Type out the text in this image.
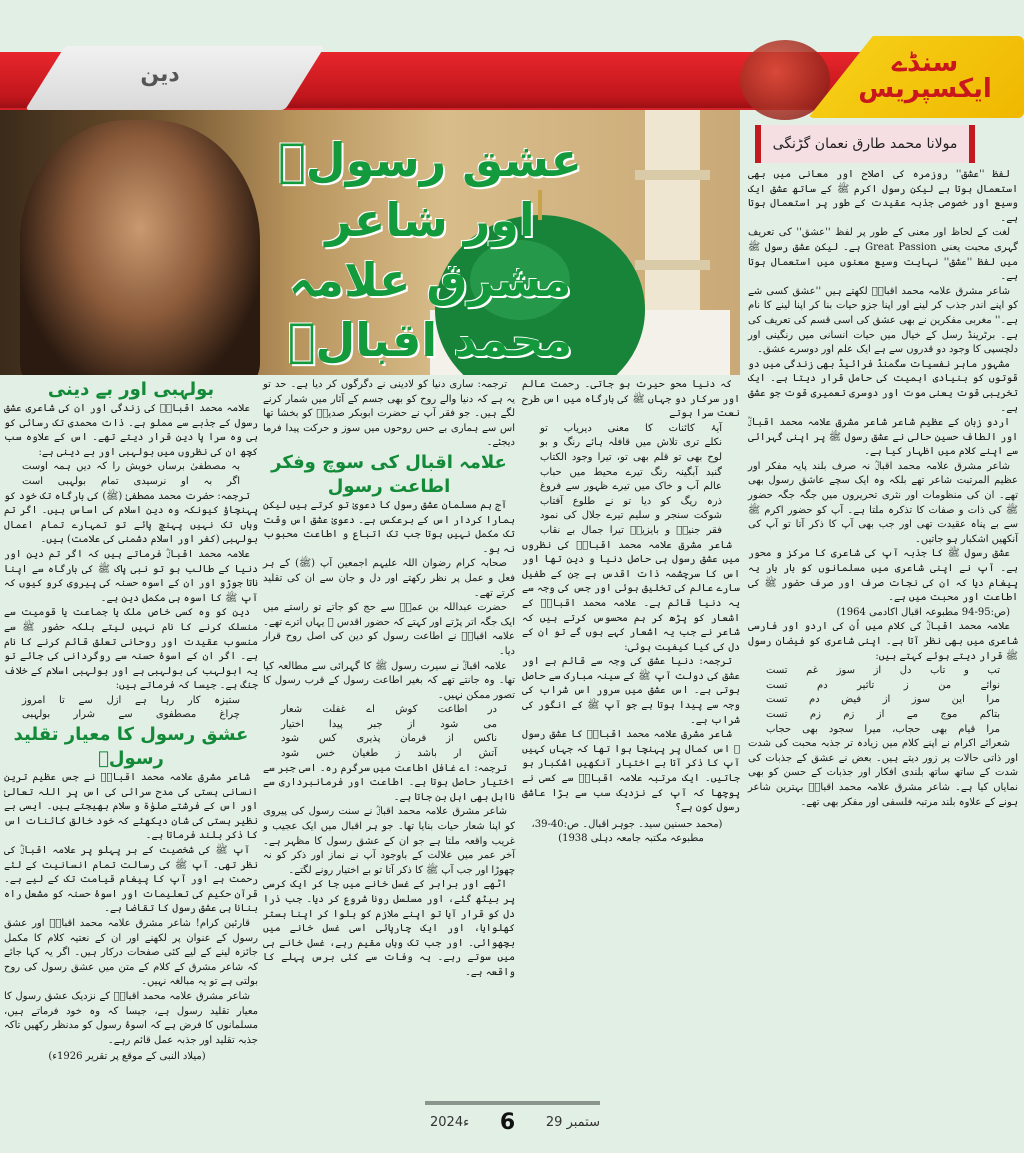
دین	سنڈے ایکسپریس
عشق رسولؐ اور شاعر
مشرق علامہ
محمد اقبالؒ
مولانا محمد طارق نعمان گڑنگی

لفظ ''عشق'' روزمرہ کی اصلاح اور معانی میں بھی استعمال ہوتا ہے لیکن رسول اکرم ﷺ کے ساتھ عشق ایک وسیع اور خصوصی جذبہ عقیدت کے طور پر استعمال ہوتا ہے۔

لغت کے لحاظ اور معنی کے طور پر لفظ ''عشق'' کی تعریف گہری محبت یعنی Great Passion ہے۔ لیکن عشق رسول ﷺ میں لفظ ''عشق'' نہایت وسیع معنوں میں استعمال ہوتا ہے۔

شاعر مشرق علامہ محمد اقبالؒ لکھتے ہیں ''عشق کسی شے کو اپنے اندر جذب کر لینے اور اپنا جزو حیات بنا کر اپنا لینے کا نام ہے۔'' مغربی مفکرین نے بھی عشق کی اسی قسم کی تعریف کی ہے۔ برٹرینڈ رسل کے خیال میں حیات انسانی میں رنگینی اور دلچسپی کا وجود دو قدروں سے ہے ایک علم اور دوسرے عشق۔

مشہور ماہر نفسیات سگمنڈ فرائیڈ بھی زندگی میں دو قوتوں کو بنیادی اہمیت کی حامل قرار دیتا ہے۔ ایک تخریبی قوت یعنی موت اور دوسری تعمیری قوت جو عشق ہے۔

اردو زبان کے عظیم شاعر شاعر مشرق علامہ محمد اقبالؒ اور الطاف حسین حالی نے عشق رسول ﷺ پر اپنی گہرائی سے اپنے کلام میں اظہار کیا ہے۔

شاعر مشرق علامہ محمد اقبالؒ نہ صرف بلند پایہ مفکر اور عظیم المرتبت شاعر تھے بلکہ وہ ایک سچے عاشق رسول بھی تھے۔ ان کی منظومات اور نثری تحریروں میں جگہ جگہ حضور ﷺ کی ذات و صفات کا تذکرہ ملتا ہے۔ آپ کو حضور اکرم ﷺ سے بے پناہ عقیدت تھی اور جب بھی آپ کا ذکر آتا تو آپ کی آنکھیں اشکبار ہو جاتیں۔

عشق رسول ﷺ کا جذبہ آپ کی شاعری کا مرکز و محور ہے۔ آپ نے اپنی شاعری میں مسلمانوں کو بار بار یہ پیغام دیا کہ ان کی نجات صرف اور صرف حضور ﷺ کی اطاعت اور محبت میں ہے۔

(ص:95-94 مطبوعہ اقبال اکادمی 1964)

علامہ محمد اقبالؒ کی کلام میں اُن کی اردو اور فارسی شاعری میں بھی نظر آتا ہے۔ اپنی شاعری کو فیضان رسول ﷺ قرار دیتے ہوئے کہتے ہیں:

تب و تاب دل از سوز غم تست
نوائے من ز تاثیر دم تست
مرا این سوز از فیض دم تست
بتاکم موج مے از زم زم تست
مرا قیام بھی حجاب، میرا سجود بھی حجاب

شعرائے اکرام نے اپنے کلام میں زیادہ تر جذبہ محبت کی شدت اور ذاتی حالات پر زور دیتے ہیں۔ بعض نے عشق کے جذبات کی شدت کے ساتھ ساتھ بلندی افکار اور جذبات کے حسن کو بھی نمایاں کیا ہے۔ شاعر مشرق علامہ محمد اقبالؒ بہترین شاعر ہونے کے علاوہ بلند مرتبہ فلسفی اور مفکر بھی تھے۔

کہ دنیا محو حیرت ہو جاتی۔ رحمت عالم اور سرکار دو جہاں ﷺ کی بارگاہ میں اس طرح نعت سرا ہوتے

آیۂ کائنات کا معنی دیریاب تو
نکلے تری تلاش میں قافلہ ہائے رنگ و بو
لوح بھی تو قلم بھی تو، تیرا وجود الکتاب
گنبد آبگینہ رنگ تیرے محیط میں حباب
عالم آب و خاک میں تیرے ظہور سے فروغ
ذرہ ریگ کو دیا تو نے طلوع آفتاب
شوکت سنجر و سلیم تیرے جلال کی نمود
فقر جنیدؒ و بایزیدؒ تیرا جمال بے نقاب

شاعر مشرق علامہ محمد اقبالؒ کی نظروں میں عشق رسول ہی حاصل دنیا و دین تھا اور اس کا سرچشمہ ذات اقدس ہے جن کے طفیل سارے عالم کی تخلیق ہوئی اور جس کی وجہ سے یہ دنیا قائم ہے۔ علامہ محمد اقبالؒ کے اشعار کو پڑھ کر ہم محسوس کرتے ہیں کہ شاعر نے جب یہ اشعار کہے ہوں گے تو ان کے دل کی کیا کیفیت ہوئی:

ترجمہ: دنیا عشق کی وجہ سے قائم ہے اور عشق کی دولت آپ ﷺ کے سینہ مبارک سے حاصل ہوتی ہے۔ اس عشق میں سرور اس شراب کی وجہ سے پیدا ہوتا ہے جو آپ ﷺ کے انگور کی شراب ہے۔

شاعر مشرق علامہ محمد اقبالؒ کا عشق رسول ﷺ اس کمال پر پہنچا ہوا تھا کہ جہاں کہیں آپ کا ذکر آتا بے اختیار آنکھیں اشکبار ہو جاتیں۔ ایک مرتبہ علامہ اقبالؒ سے کسی نے پوچھا کہ آپ کے نزدیک سب سے بڑا عاشق رسول کون ہے؟

(محمد حسنین سید۔ جوہر اقبال۔ ص:40-39، مطبوعہ مکتبہ جامعہ دہلی 1938)

ترجمہ: ساری دنیا کو لادینی نے دگرگوں کر دیا ہے۔ حد تو یہ ہے کہ دنیا والے روح کو بھی جسم کے آثار میں شمار کرنے لگے ہیں۔ جو فقر آپ نے حضرت ابوبکر صدیقؓ کو بخشا تھا اس سے ہماری بے حس روحوں میں سوز و حرکت پیدا فرما دیجئے۔

علامہ اقبال کی سوچ وفکر اطاعت رسول

آج ہم مسلمان عشق رسول کا دعویٰ تو کرتے ہیں لیکن ہمارا کردار اس کے برعکس ہے۔ دعویٰ عشق اس وقت تک مکمل نہیں ہوتا جب تک اتباع و اطاعت محبوب نہ ہو۔

صحابہ کرام رضوان اللہ علیہم اجمعین آپ (ﷺ) کے ہر فعل و عمل پر نظر رکھتے اور دل و جان سے ان کی تقلید کرتے تھے۔

حضرت عبداللہ بن عمرؓ سے حج کو جاتے تو راستے میں ایک جگہ اتر پڑتے اور کہتے کہ حضور اقدس ﷺ یہاں اترے تھے۔ علامہ اقبالؒ نے اطاعت رسول کو دین کی اصل روح قرار دیا۔

علامہ اقبالؒ نے سیرت رسول ﷺ کا گہرائی سے مطالعہ کیا تھا۔ وہ جانتے تھے کہ بغیر اطاعت رسول کے قرب رسول کا تصور ممکن نہیں۔

در اطاعت کوش اے غفلت شعار
می شود از جبر پیدا اختیار
ناکس از فرمان پذیری کس شود
آتش ار باشد ز طغیان خس شود

ترجمہ: اے غافل اطاعت میں سرگرم رہ۔ اسی جبر سے اختیار حاصل ہوتا ہے۔ اطاعت اور فرمانبرداری سے نااہل بھی اہل بن جاتا ہے۔

شاعر مشرق علامہ محمد اقبالؒ نے سنت رسول کی پیروی کو اپنا شعار حیات بنایا تھا۔ جو ہر اقبال میں ایک عجیب و غریب واقعہ ملتا ہے جو ان کے عشق رسول کا مظہر ہے۔ آخر عمر میں علالت کے باوجود آپ نے نماز اور ذکر کو نہ چھوڑا اور جب آپ ﷺ کا ذکر آتا تو بے اختیار رونے لگتے۔

اٹھے اور برابر کے غسل خانے میں جا کر ایک کرسی پر بیٹھ گئے، اور مسلسل رونا شروع کر دیا۔ جب ذرا دل کو قرار آیا تو اپنے ملازم کو بلوا کر اپنا بستر کھلوایا، اور ایک چارپائی اسی غسل خانے میں بچھوائی۔ اور جب تک وہاں مقیم رہے، غسل خانے ہی میں سوتے رہے۔ یہ وفات سے کئی برس پہلے کا واقعہ ہے۔

بولہبی اور بے دینی

علامہ محمد اقبالؒ کی زندگی اور ان کی شاعری عشق رسول کے جذبے سے مملو ہے۔ ذات محمدی تک رسائی کو ہی وہ سرا پا دین قرار دیتے تھے۔ اس کے علاوہ سب کچھ ان کی نظروں میں بولہبی اور بے دینی ہے:

بہ مصطفیٰ برساں خویش را کہ دیں ہمہ اوست
اگر بہ او نرسیدی تمام بولہبی است

ترجمہ: حضرت محمد مصطفیٰ (ﷺ) کی بارگاہ تک خود کو پہنچاؤ کیونکہ وہ دین اسلام کی اساس ہیں۔ اگر تم وہاں تک نہیں پہنچ پائے تو تمہارے تمام اعمال بولہبی (کفر اور اسلام دشمنی کی علامت) ہیں۔

علامہ محمد اقبالؒ فرماتے ہیں کہ اگر تم دین اور دنیا کے طالب ہو تو نبی پاک ﷺ کی بارگاہ سے اپنا ناتا جوڑو اور ان کے اسوہ حسنہ کی پیروی کرو کیوں کہ آپ ﷺ کا اسوہ ہی مکمل دین ہے۔

دین کو وہ کسی خاص ملک یا جماعت یا قومیت سے منسلک کرنے کا نام نہیں لیتے بلکہ حضور ﷺ سے منسوب عقیدت اور روحانی تعلق قائم کرنے کا نام ہے۔ اگر ان کے اسوۂ حسنہ سے روگردانی کی جائے تو یہ ابولہب کی بولہبی ہے اور بولہبی اسلام کے خلاف جنگ ہے۔ جیسا کہ فرماتے ہیں:

ستیزہ کار رہا ہے ازل سے تا امروز
چراغ مصطفوی سے شرار بولہبی
عشق رسول کا معیار تقلید رسولؐ

شاعر مشرق علامہ محمد اقبالؒ نے جس عظیم ترین انسانی ہستی کی مدح سرائی کی اس پر اللہ تعالیٰ اور اس کے فرشتے صلوٰۃ و سلام بھیجتے ہیں۔ ایسی بے نظیر ہستی کی شان دیکھئے کہ خود خالق کائنات اس کا ذکر بلند فرماتا ہے۔

آپ ﷺ کی شخصیت کے ہر پہلو پر علامہ اقبالؒ کی نظر تھی۔ آپ ﷺ کی رسالت تمام انسانیت کے لئے رحمت ہے اور آپ کا پیغام قیامت تک کے لیے ہے۔ قرآن حکیم کی تعلیمات اور اسوۂ حسنہ کو مشعل راہ بنانا ہی عشق رسول کا تقاضا ہے۔

قارئین کرام! شاعر مشرق علامہ محمد اقبالؒ اور عشق رسول کے عنوان پر لکھنے اور ان کے نعتیہ کلام کا مکمل جائزہ لینے کے لیے کئی صفحات درکار ہیں۔ اگر یہ کہا جائے کہ شاعر مشرق کے کلام کے متن میں عشق رسول کی روح بولتی ہے تو یہ مبالغہ نہیں۔

شاعر مشرق علامہ محمد اقبالؒ کے نزدیک عشق رسول کا معیار تقلید رسول ہے، جیسا کہ وہ خود فرماتے ہیں، مسلمانوں کا فرض ہے کہ اسوۂ رسول کو مدنظر رکھیں تاکہ جذبہ تقلید اور جذبہ عمل قائم رہے۔

(میلاد النبی کے موقع پر تقریر 1926ء)

2024ء 6 29 ستمبر
